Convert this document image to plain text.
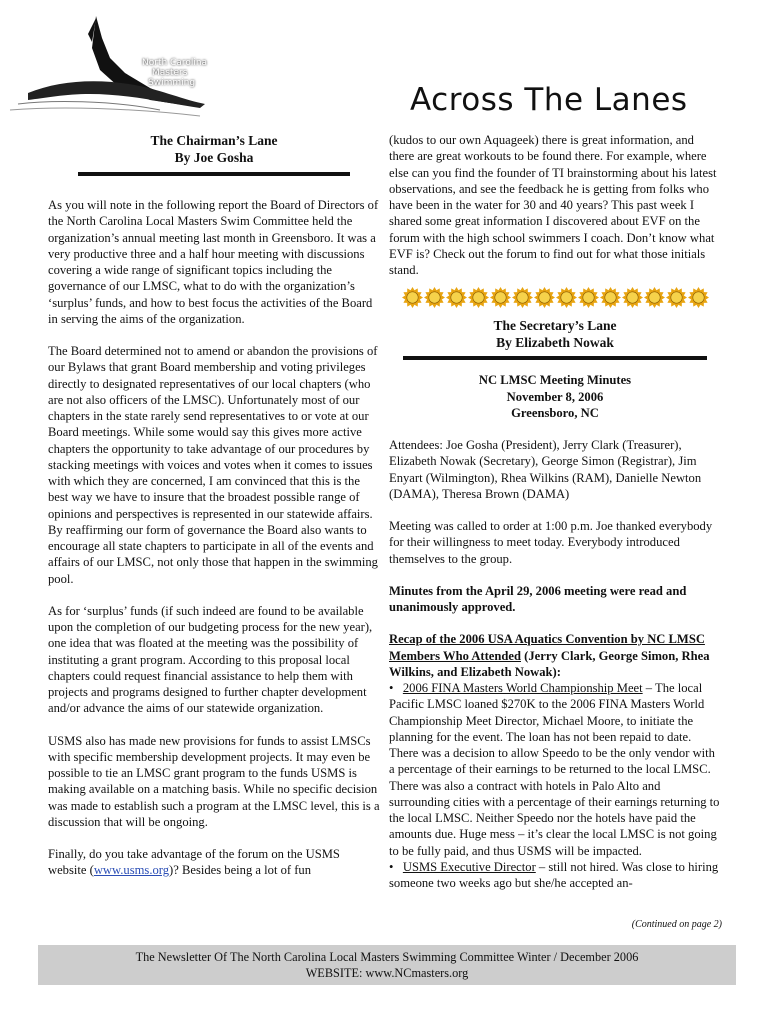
North Carolina
Masters
Swimming	Across The Lanes
The Chairman’s Lane
By Joe Gosha

As you will note in the following report the Board of Directors of the North Carolina Local Masters Swim Committee held the organization’s annual meeting last month in Greensboro. It was a very productive three and a half hour meeting with discussions covering a wide range of significant topics including the governance of our LMSC, what to do with the organization’s ‘surplus’ funds, and how to best focus the activities of the Board in serving the aims of the organization.

The Board determined not to amend or abandon the provisions of our Bylaws that grant Board membership and voting privileges directly to designated representatives of our local chapters (who are not also officers of the LMSC). Unfortunately most of our chapters in the state rarely send representatives to or vote at our Board meetings. While some would say this gives more active chapters the opportunity to take advantage of our procedures by stacking meetings with voices and votes when it comes to issues with which they are concerned, I am convinced that this is the best way we have to insure that the broadest possible range of opinions and perspectives is represented in our statewide affairs. By reaffirming our form of governance the Board also wants to encourage all state chapters to participate in all of the events and affairs of our LMSC, not only those that happen in the swimming pool.

As for ‘surplus’ funds (if such indeed are found to be available upon the completion of our budgeting process for the new year), one idea that was floated at the meeting was the possibility of instituting a grant program. According to this proposal local chapters could request financial assistance to help them with projects and programs designed to further chapter development and/or advance the aims of our statewide organization.

USMS also has made new provisions for funds to assist LMSCs with specific membership development projects. It may even be possible to tie an LMSC grant program to the funds USMS is making available on a matching basis. While no specific decision was made to establish such a program at the LMSC level, this is a discussion that will be ongoing.

Finally, do you take advantage of the forum on the USMS website (www.usms.org)? Besides being a lot of fun

(kudos to our own Aquageek) there is great information, and there are great workouts to be found there. For example, where else can you find the founder of TI brainstorming about his latest observations, and see the feedback he is getting from folks who have been in the water for 30 and 40 years? This past week I shared some great information I discovered about EVF on the forum with the high school swimmers I coach. Don’t know what EVF is? Check out the forum to find out for what those initials stand.

The Secretary’s Lane
By Elizabeth Nowak
NC LMSC Meeting Minutes
November 8, 2006
Greensboro, NC

Attendees: Joe Gosha (President), Jerry Clark (Treasurer), Elizabeth Nowak (Secretary), George Simon (Registrar), Jim Enyart (Wilmington), Rhea Wilkins (RAM), Danielle Newton (DAMA), Theresa Brown (DAMA)

Meeting was called to order at 1:00 p.m. Joe thanked everybody for their willingness to meet today. Everybody introduced themselves to the group.

Minutes from the April 29, 2006 meeting were read and unanimously approved.

Recap of the 2006 USA Aquatics Convention by NC LMSC Members Who Attended (Jerry Clark, George Simon, Rhea Wilkins, and Elizabeth Nowak):
•   2006 FINA Masters World Championship Meet – The local Pacific LMSC loaned $270K to the 2006 FINA Masters World Championship Meet Director, Michael Moore, to initiate the planning for the event. The loan has not been repaid to date. There was a decision to allow Speedo to be the only vendor with a percentage of their earnings to be returned to the local LMSC. There was also a contract with hotels in Palo Alto and surrounding cities with a percentage of their earnings returning to the local LMSC. Neither Speedo nor the hotels have paid the amounts due. Huge mess – it’s clear the local LMSC is not going to be fully paid, and thus USMS will be impacted.
•   USMS Executive Director – still not hired. Was close to hiring someone two weeks ago but she/he accepted an-
(Continued on page 2)
The Newsletter Of The North Carolina Local Masters Swimming Committee Winter / December 2006
WEBSITE: www.NCmasters.org
